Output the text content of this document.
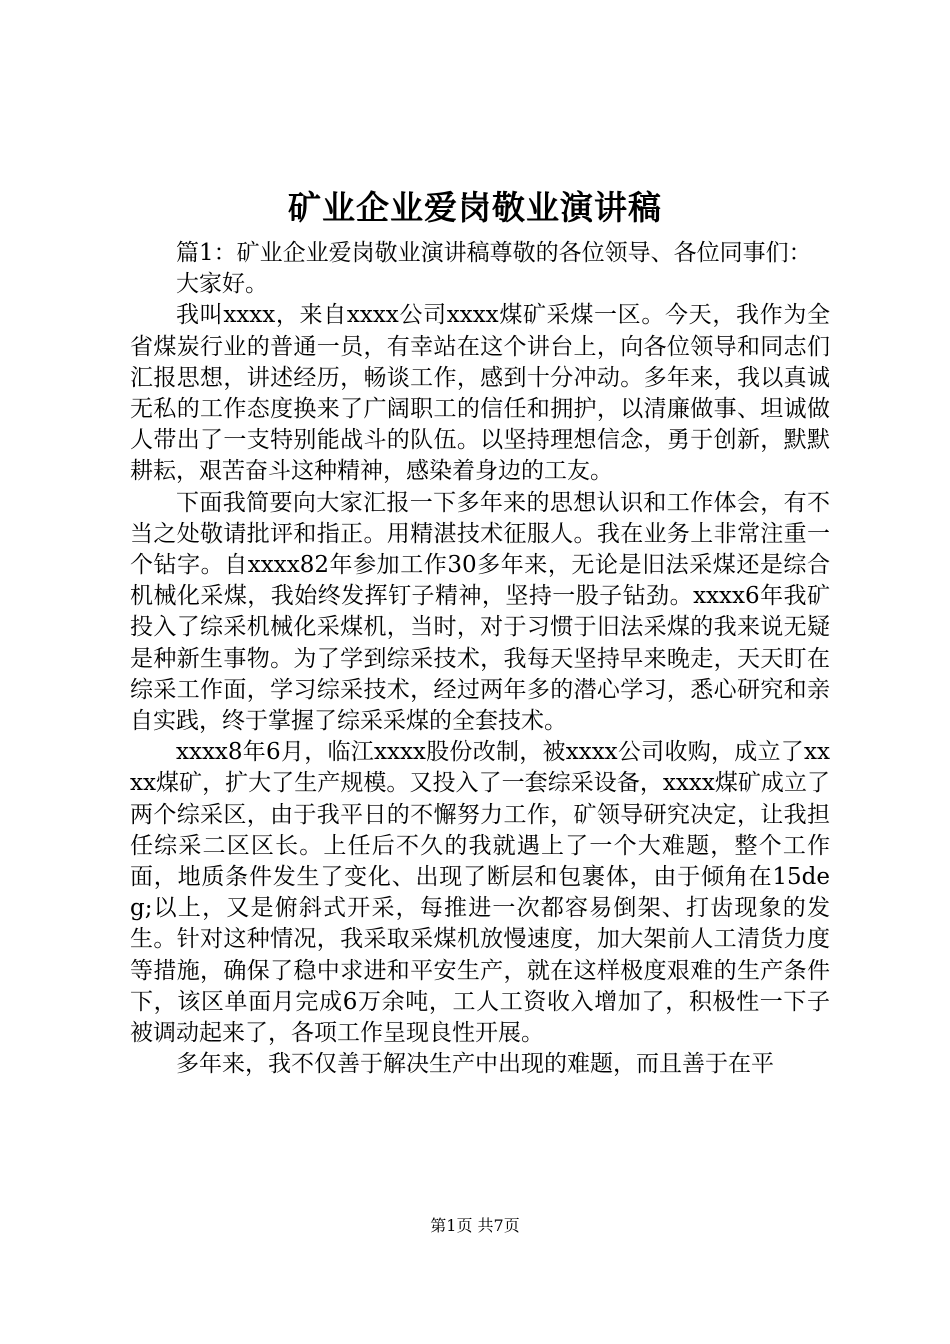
矿业企业爱岗敬业演讲稿

篇1：矿业企业爱岗敬业演讲稿尊敬的各位领导、各位同事们：

大家好。

我叫xxxx，来自xxxx公司xxxx煤矿采煤一区。今天，我作为全省煤炭行业的普通一员，有幸站在这个讲台上，向各位领导和同志们汇报思想，讲述经历，畅谈工作，感到十分冲动。多年来，我以真诚无私的工作态度换来了广阔职工的信任和拥护，以清廉做事、坦诚做人带出了一支特别能战斗的队伍。以坚持理想信念，勇于创新，默默耕耘，艰苦奋斗这种精神，感染着身边的工友。

下面我简要向大家汇报一下多年来的思想认识和工作体会，有不当之处敬请批评和指正。用精湛技术征服人。我在业务上非常注重一个钻字。自xxxx82年参加工作30多年来，无论是旧法采煤还是综合机械化采煤，我始终发挥钉子精神，坚持一股子钻劲。xxxx6年我矿投入了综采机械化采煤机，当时，对于习惯于旧法采煤的我来说无疑是种新生事物。为了学到综采技术，我每天坚持早来晚走，天天盯在综采工作面，学习综采技术，经过两年多的潜心学习，悉心研究和亲自实践，终于掌握了综采采煤的全套技术。

xxxx8年6月，临江xxxx股份改制，被xxxx公司收购，成立了xxxx煤矿，扩大了生产规模。又投入了一套综采设备，xxxx煤矿成立了两个综采区，由于我平日的不懈努力工作，矿领导研究决定，让我担任综采二区区长。上任后不久的我就遇上了一个大难题，整个工作面，地质条件发生了变化、出现了断层和包裹体，由于倾角在15deg;以上，又是俯斜式开采，每推进一次都容易倒架、打齿现象的发生。针对这种情况，我采取采煤机放慢速度，加大架前人工清货力度等措施，确保了稳中求进和平安生产，就在这样极度艰难的生产条件下，该区单面月完成6万余吨，工人工资收入增加了，积极性一下子被调动起来了，各项工作呈现良性开展。

多年来，我不仅善于解决生产中出现的难题，而且善于在平

第1页 共7页
